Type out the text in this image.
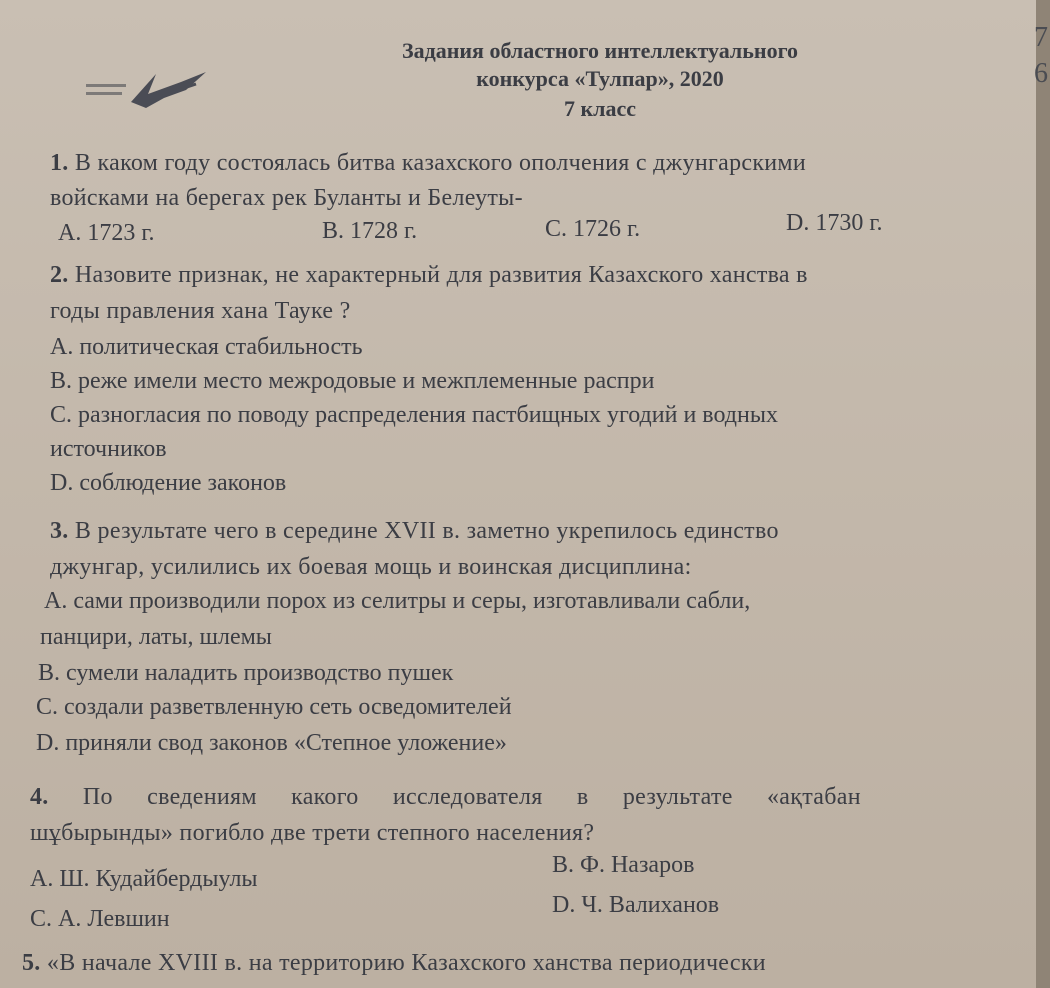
7
6
Задания областного интеллектуального
конкурса «Тулпар», 2020
7 класс
1. В каком году состоялась битва казахского ополчения с джунгарскими
войсками на берегах рек Буланты и Белеуты-
А. 1723 г.	В. 1728 г.	С. 1726 г.	D. 1730 г.
2. Назовите признак, не характерный для развития Казахского ханства в
годы правления хана Тауке ?
А. политическая стабильность
В. реже имели место межродовые и межплеменные распри
С. разногласия по поводу распределения пастбищных угодий и водных
источников
D. соблюдение законов
3. В результате чего в середине XVII в. заметно укрепилось единство
джунгар, усилились их боевая мощь и воинская дисциплина:
А. сами производили порох из селитры и серы, изготавливали сабли,
панцири, латы, шлемы
В. сумели наладить производство пушек
С. создали разветвленную сеть осведомителей
D. приняли свод законов «Степное уложение»
4. По сведениям какого исследователя в результате «ақтабан
шұбырынды» погибло две трети степного населения?
А. Ш. Кудайбердыулы
В. Ф. Назаров
С. А. Левшин
D. Ч. Валиханов
5. «В начале XVIII в. на территорию Казахского ханства периодически
